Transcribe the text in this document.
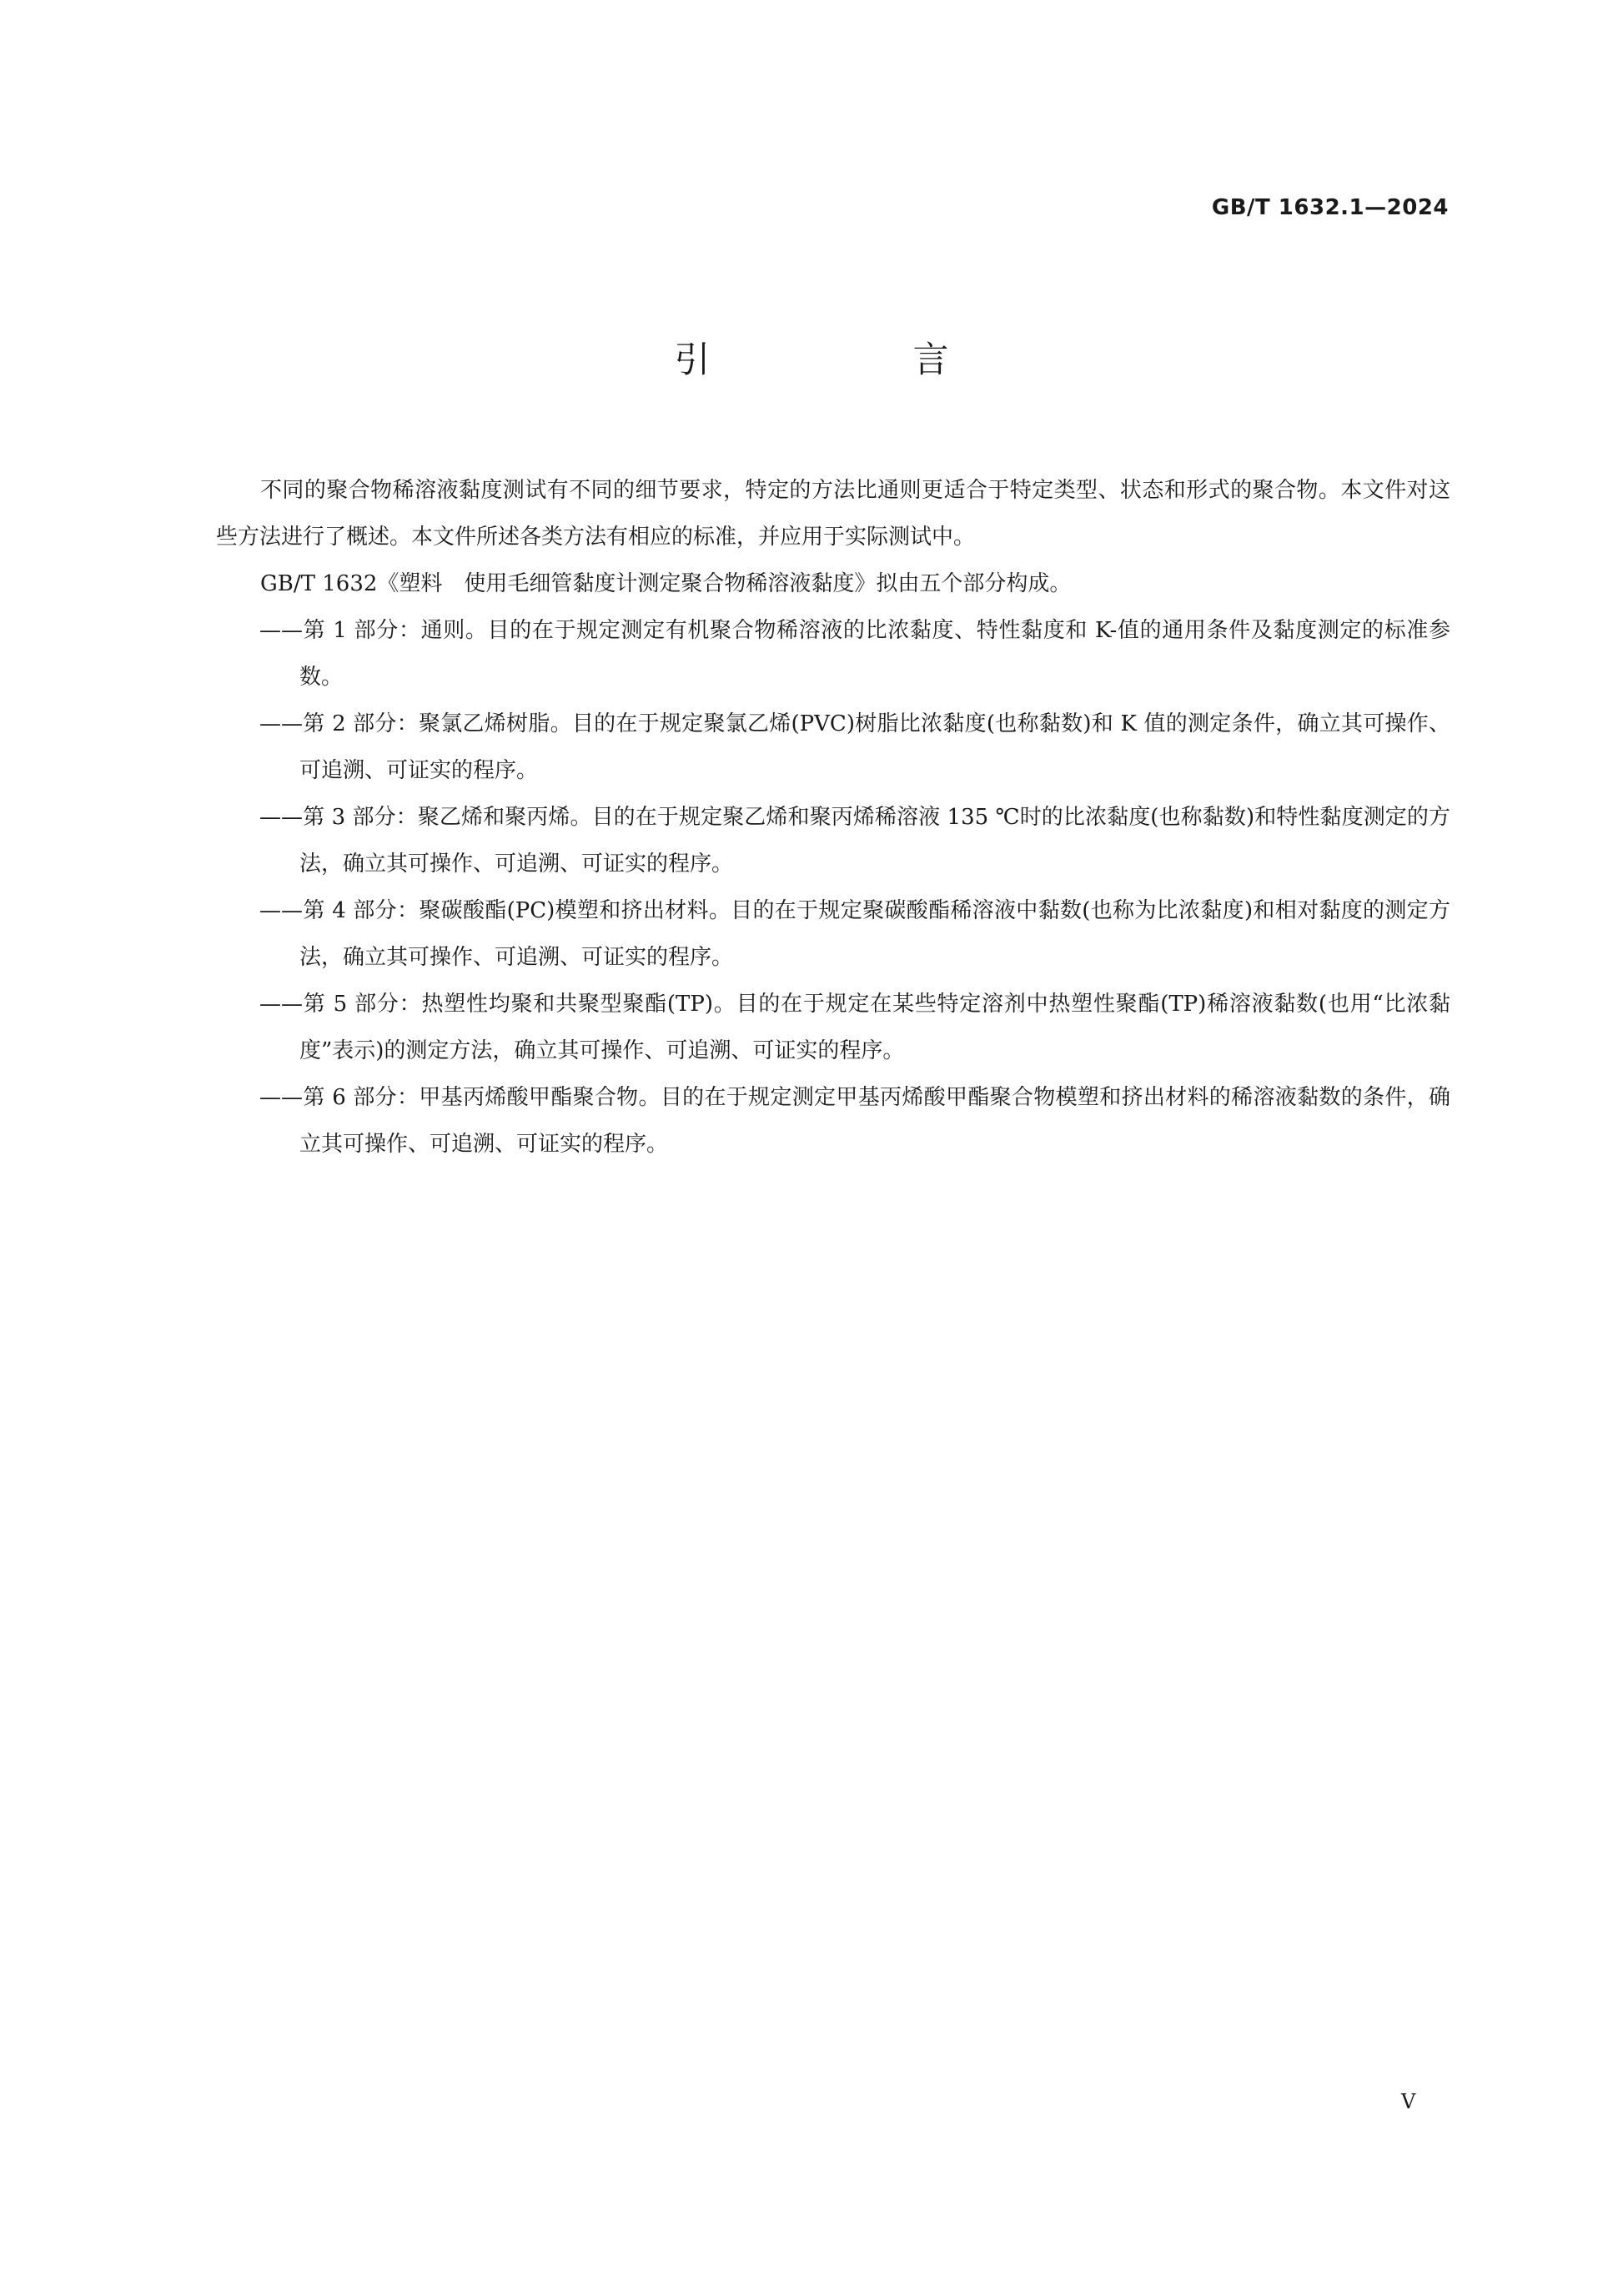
GB/T 1632.1—2024
引　言

不同的聚合物稀溶液黏度测试有不同的细节要求，特定的方法比通则更适合于特定类型、状态和形式的聚合物。本文件对这些方法进行了概述。本文件所述各类方法有相应的标准，并应用于实际测试中。

GB/T 1632《塑料　使用毛细管黏度计测定聚合物稀溶液黏度》拟由五个部分构成。

——第 1 部分：通则。目的在于规定测定有机聚合物稀溶液的比浓黏度、特性黏度和 K-值的通用条件及黏度测定的标准参数。

——第 2 部分：聚氯乙烯树脂。目的在于规定聚氯乙烯(PVC)树脂比浓黏度(也称黏数)和 K 值的测定条件，确立其可操作、可追溯、可证实的程序。

——第 3 部分：聚乙烯和聚丙烯。目的在于规定聚乙烯和聚丙烯稀溶液 135 ℃时的比浓黏度(也称黏数)和特性黏度测定的方法，确立其可操作、可追溯、可证实的程序。

——第 4 部分：聚碳酸酯(PC)模塑和挤出材料。目的在于规定聚碳酸酯稀溶液中黏数(也称为比浓黏度)和相对黏度的测定方法，确立其可操作、可追溯、可证实的程序。

——第 5 部分：热塑性均聚和共聚型聚酯(TP)。目的在于规定在某些特定溶剂中热塑性聚酯(TP)稀溶液黏数(也用“比浓黏度”表示)的测定方法，确立其可操作、可追溯、可证实的程序。

——第 6 部分：甲基丙烯酸甲酯聚合物。目的在于规定测定甲基丙烯酸甲酯聚合物模塑和挤出材料的稀溶液黏数的条件，确立其可操作、可追溯、可证实的程序。

V
